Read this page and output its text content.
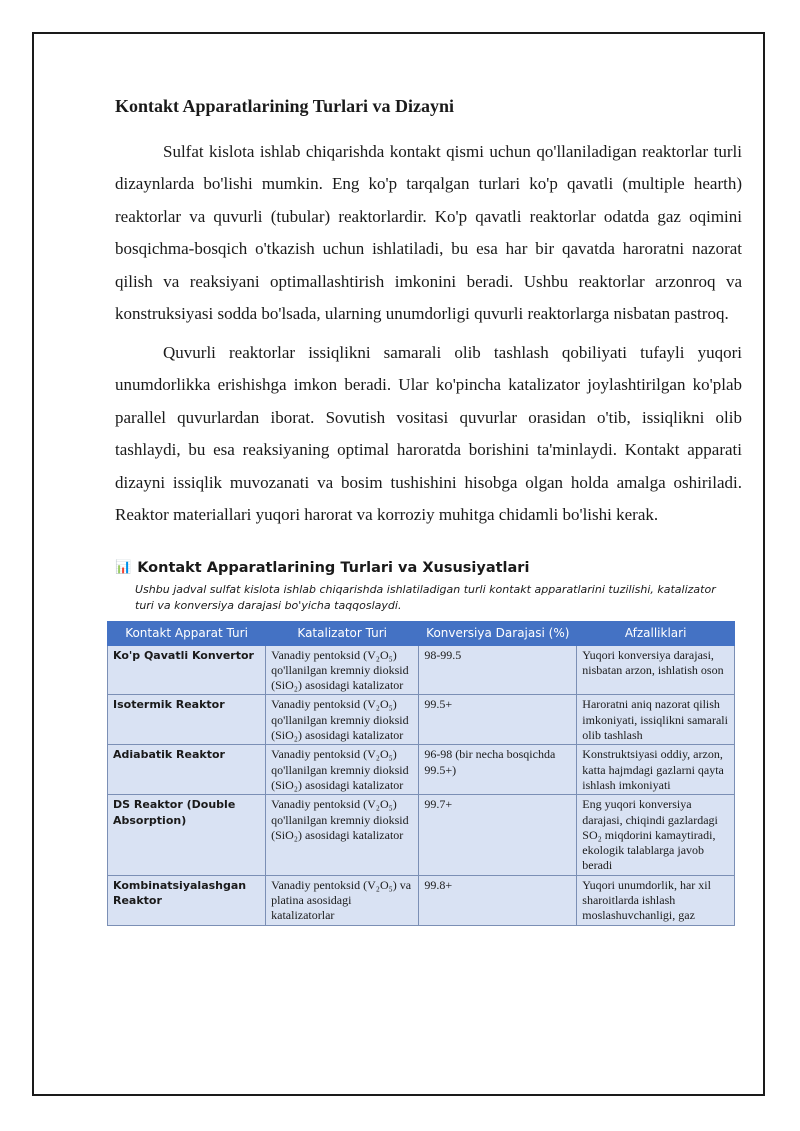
Kontakt Apparatlarining Turlari va Dizayni

Sulfat kislota ishlab chiqarishda kontakt qismi uchun qo'llaniladigan reaktorlar turli dizaynlarda bo'lishi mumkin. Eng ko'p tarqalgan turlari ko'p qavatli (multiple hearth) reaktorlar va quvurli (tubular) reaktorlardir. Ko'p qavatli reaktorlar odatda gaz oqimini bosqichma-bosqich o'tkazish uchun ishlatiladi, bu esa har bir qavatda haroratni nazorat qilish va reaksiyani optimallashtirish imkonini beradi. Ushbu reaktorlar arzonroq va konstruksiyasi sodda bo'lsada, ularning unumdorligi quvurli reaktorlarga nisbatan pastroq.

Quvurli reaktorlar issiqlikni samarali olib tashlash qobiliyati tufayli yuqori unumdorlikka erishishga imkon beradi. Ular ko'pincha katalizator joylashtirilgan ko'plab parallel quvurlardan iborat. Sovutish vositasi quvurlar orasidan o'tib, issiqlikni olib tashlaydi, bu esa reaksiyaning optimal haroratda borishini ta'minlaydi. Kontakt apparati dizayni issiqlik muvozanati va bosim tushishini hisobga olgan holda amalga oshiriladi. Reaktor materiallari yuqori harorat va korroziy muhitga chidamli bo'lishi kerak.

📊 Kontakt Apparatlarining Turlari va Xususiyatlari
Ushbu jadval sulfat kislota ishlab chiqarishda ishlatiladigan turli kontakt apparatlarini tuzilishi, katalizator turi va konversiya darajasi bo'yicha taqqoslaydi.
Kontakt Apparat Turi	Katalizator Turi	Konversiya Darajasi (%)	Afzalliklari
Ko'p Qavatli Konvertor	Vanadiy pentoksid (V₂O₅) qo'llanilgan kremniy dioksid (SiO₂) asosidagi katalizator	98-99.5	Yuqori konversiya darajasi, nisbatan arzon, ishlatish oson
Isotermik Reaktor	Vanadiy pentoksid (V₂O₅) qo'llanilgan kremniy dioksid (SiO₂) asosidagi katalizator	99.5+	Haroratni aniq nazorat qilish imkoniyati, issiqlikni samarali olib tashlash
Adiabatik Reaktor	Vanadiy pentoksid (V₂O₅) qo'llanilgan kremniy dioksid (SiO₂) asosidagi katalizator	96-98 (bir necha bosqichda 99.5+)	Konstruktsiyasi oddiy, arzon, katta hajmdagi gazlarni qayta ishlash imkoniyati
DS Reaktor (Double Absorption)	Vanadiy pentoksid (V₂O₅) qo'llanilgan kremniy dioksid (SiO₂) asosidagi katalizator	99.7+	Eng yuqori konversiya darajasi, chiqindi gazlardagi SO₂ miqdorini kamaytiradi, ekologik talablarga javob beradi
Kombinatsiyalashgan Reaktor	Vanadiy pentoksid (V₂O₅) va platina asosidagi katalizatorlar	99.8+	Yuqori unumdorlik, har xil sharoitlarda ishlash moslashuvchanligi, gaz
